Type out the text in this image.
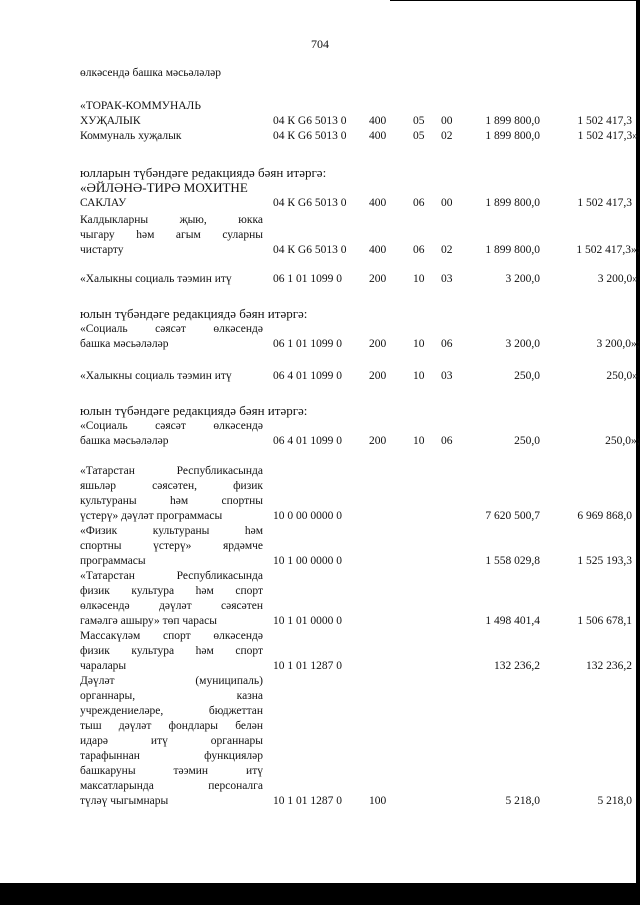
704
өлкәсендә башка мәсьәләләр
«ТОРАК-КОММУНАЛЬ
ХУҖАЛЫК	04 К G6 5013 0 400 05 00	1 899 800,0	1 502 417,3
Коммуналь хуҗалык	04 К G6 5013 0 400 05 02	1 899 800,0	1 502 417,3»
юлларын түбәндәге редакциядә бәян итәргә:
«ӘЙЛӘНӘ-ТИРӘ МОХИТНЕ
САКЛАУ	04 К G6 5013 0 400 06 00	1 899 800,0	1 502 417,3
Калдыкларны җыю, юкка
чыгару һәм агым суларны
чистарту	04 К G6 5013 0 400 06 02	1 899 800,0	1 502 417,3»;
«Халыкны социаль тәэмин итү	06 1 01 1099 0 200 10 03	3 200,0	3 200,0»
юлын түбәндәге редакциядә бәян итәргә:
«Социаль сәясәт өлкәсендә
башка мәсьәләләр	06 1 01 1099 0 200 10 06	3 200,0	3 200,0»;
«Халыкны социаль тәэмин итү	06 4 01 1099 0 200 10 03	250,0	250,0»
юлын түбәндәге редакциядә бәян итәргә:
«Социаль сәясәт өлкәсендә
башка мәсьәләләр	06 4 01 1099 0 200 10 06	250,0	250,0»;
«Татарстан Республикасында
яшьләр сәясәтен, физик
культураны һәм спортны
үстерү» дәүләт программасы	10 0 00 0000 0	7 620 500,7	6 969 868,0
«Физик культураны һәм
спортны үстерү» ярдәмче
программасы	10 1 00 0000 0	1 558 029,8	1 525 193,3
«Татарстан Республикасында
физик культура һәм спорт
өлкәсендә дәүләт сәясәтен
гамәлгә ашыру» төп чарасы	10 1 01 0000 0	1 498 401,4	1 506 678,1
Массакүләм спорт өлкәсендә
физик культура һәм спорт
чаралары	10 1 01 1287 0	132 236,2	132 236,2
Дәүләт (муниципаль)
органнары, казна
учреждениеләре, бюджеттан
тыш дәүләт фондлары белән
идарә итү органнары
тарафыннан функцияләр
башкаруны тәэмин итү
максатларында персоналга
түләү чыгымнары	10 1 01 1287 0 100	5 218,0	5 218,0
